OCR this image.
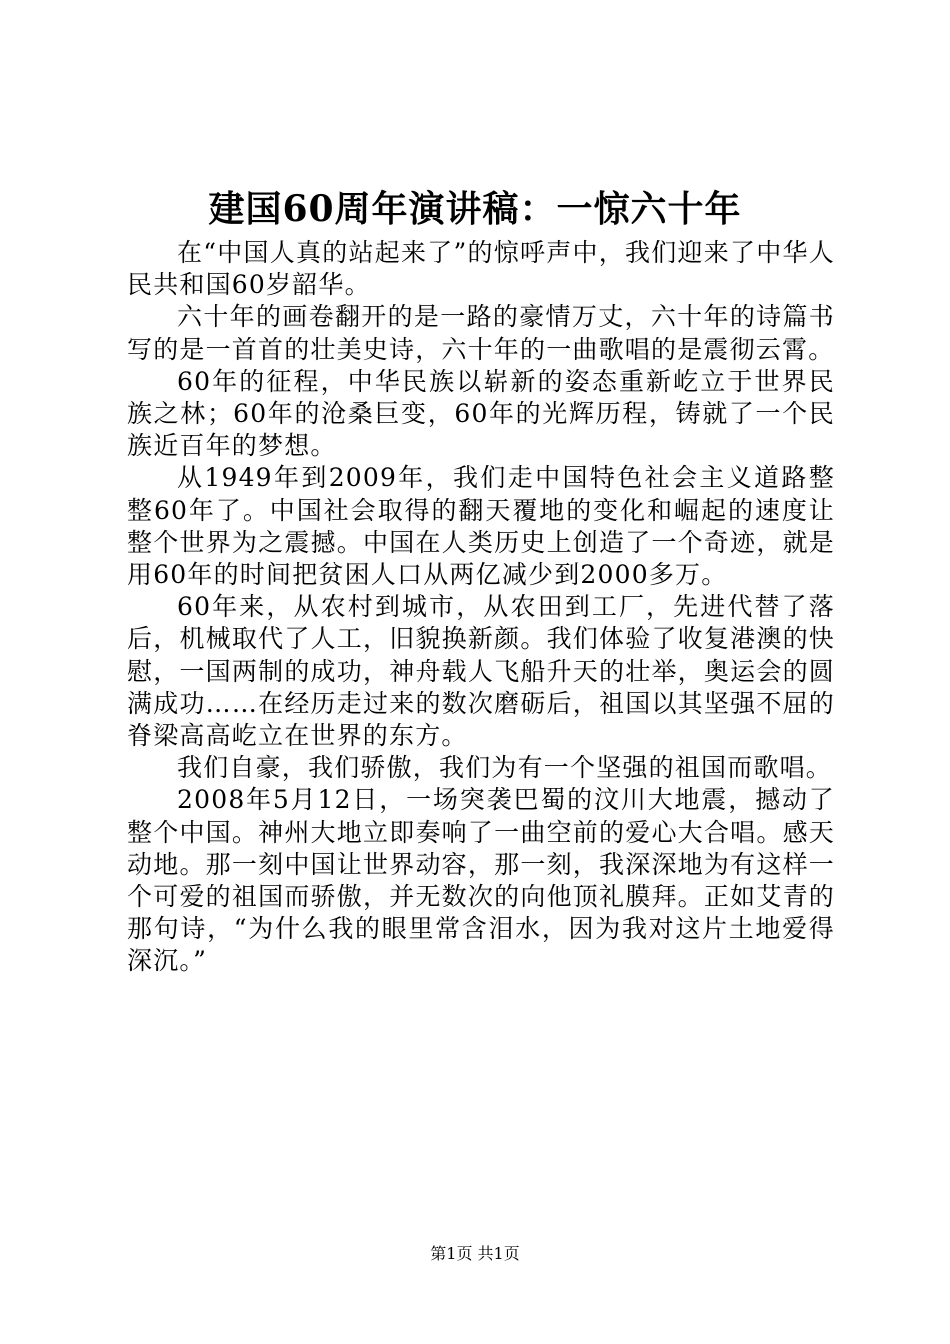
建国60周年演讲稿：一惊六十年

在“中国人真的站起来了”的惊呼声中，我们迎来了中华人民共和国60岁韶华。

六十年的画卷翻开的是一路的豪情万丈，六十年的诗篇书写的是一首首的壮美史诗，六十年的一曲歌唱的是震彻云霄。

60年的征程，中华民族以崭新的姿态重新屹立于世界民族之林；60年的沧桑巨变，60年的光辉历程，铸就了一个民族近百年的梦想。

从1949年到2009年，我们走中国特色社会主义道路整整60年了。中国社会取得的翻天覆地的变化和崛起的速度让整个世界为之震撼。中国在人类历史上创造了一个奇迹，就是用60年的时间把贫困人口从两亿减少到2000多万。

60年来，从农村到城市，从农田到工厂，先进代替了落后，机械取代了人工，旧貌换新颜。我们体验了收复港澳的快慰，一国两制的成功，神舟载人飞船升天的壮举，奥运会的圆满成功……在经历走过来的数次磨砺后，祖国以其坚强不屈的脊梁高高屹立在世界的东方。

我们自豪，我们骄傲，我们为有一个坚强的祖国而歌唱。

2008年5月12日，一场突袭巴蜀的汶川大地震，撼动了整个中国。神州大地立即奏响了一曲空前的爱心大合唱。感天动地。那一刻中国让世界动容，那一刻，我深深地为有这样一个可爱的祖国而骄傲，并无数次的向他顶礼膜拜。正如艾青的那句诗，“为什么我的眼里常含泪水，因为我对这片土地爱得深沉。”

第1页 共1页
